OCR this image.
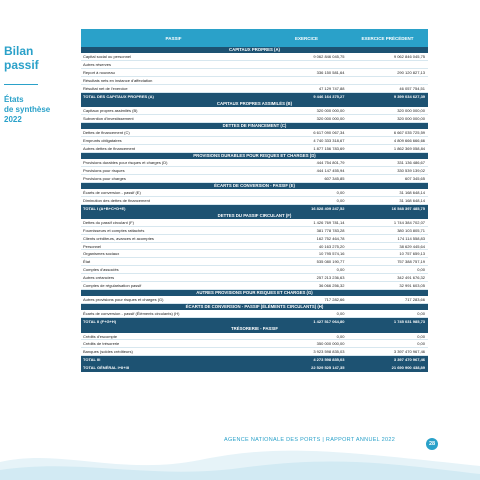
Bilan
passif
États
de synthèse
2022
PASSIF	EXERCICE	EXERCICE PRÉCÉDENT
CAPITAUX PROPRES (A)
Capital social ou personnel	9 062 846 045,75	9 062 846 045,75
Autres réserves
Report à nouveau	336 150 581,64	290 120 827,13
Résultats nets en instance d'affectation
Résultat net de l'exercice	47 129 747,88	46 057 754,51
TOTAL DES CAPITAUX PROPRES (A)	9 446 164 375,27	9 399 034 627,39
CAPITAUX PROPRES ASSIMILÉS (B)
Capitaux propres assimilés (B)	320 000 000,00	320 000 000,00
Subvention d'investissement	320 000 000,00	320 000 000,00
DETTES DE FINANCEMENT (C)
Dettes de financement (C)	6 617 090 067,34	6 667 035 725,59
Emprunts obligataires	4 740 333 318,67	4 809 666 666,66
Autres dettes de financement	1 877 156 783,69	1 862 369 058,84
PROVISIONS DURABLES POUR RISQUES ET CHARGES (D)
Provisions durables pour risques et charges (D)	444 754 801,79	331 136 486,67
Provisions pour risques	444 147 455,94	330 539 139,02
Provisions pour charges	607 345,85	607 345,65
ÉCARTS DE CONVERSION - PASSIF (E)
Écarts de conversion - passif (E)	0,00	31 168 648,14
Diminution des dettes de financement	0,00	31 168 648,14
TOTAL I (A+B+C+D+E)	16 828 409 247,52	16 548 397 485,75
DETTES DU PASSIF CIRCULANT (F)
Dettes du passif circulant (F)	1 426 769 781,14	1 744 384 702,07
Fournisseurs et comptes rattachés	381 778 783,28	380 103 805,71
Clients créditeurs, avances et acomptes	162 752 464,78	174 114 558,83
Personnel	40 163 275,20	38 629 445,64
Organismes sociaux	10 795 574,16	10 757 659,13
État	535 080 190,77	757 388 757,19
Comptes d'associés	0,00	0,00
Autres créanciers	257 213 236,63	342 491 676,32
Comptes de régularisation passif	36 066 256,32	32 991 603,05
AUTRES PROVISIONS POUR RISQUES ET CHARGES (G)
Autres provisions pour risques et charges (G)	717 282,66	717 283,66
ÉCARTS DE CONVERSION - PASSIF (ÉLÉMENTS CIRCULANTS) (H)
Écarts de conversion - passif (Éléments circulants) (H)	0,00	0,00
TOTAL II (F+G+H)	1 427 517 064,80	1 745 031 985,73
TRÉSORERIE - PASSIF
Crédits d'escompte	0,00	0,00
Crédits de trésorerie	350 000 000,00	0,00
Banques (soldes créditeurs)	3 923 598 835,03	3 397 470 967,46
TOTAL III	4 273 598 835,03	3 397 470 967,46
TOTAL GÉNÉRAL I+II+III	22 529 525 147,35	21 690 900 438,89
AGENCE NATIONALE DES PORTS | RAPPORT ANNUEL 2022
28
